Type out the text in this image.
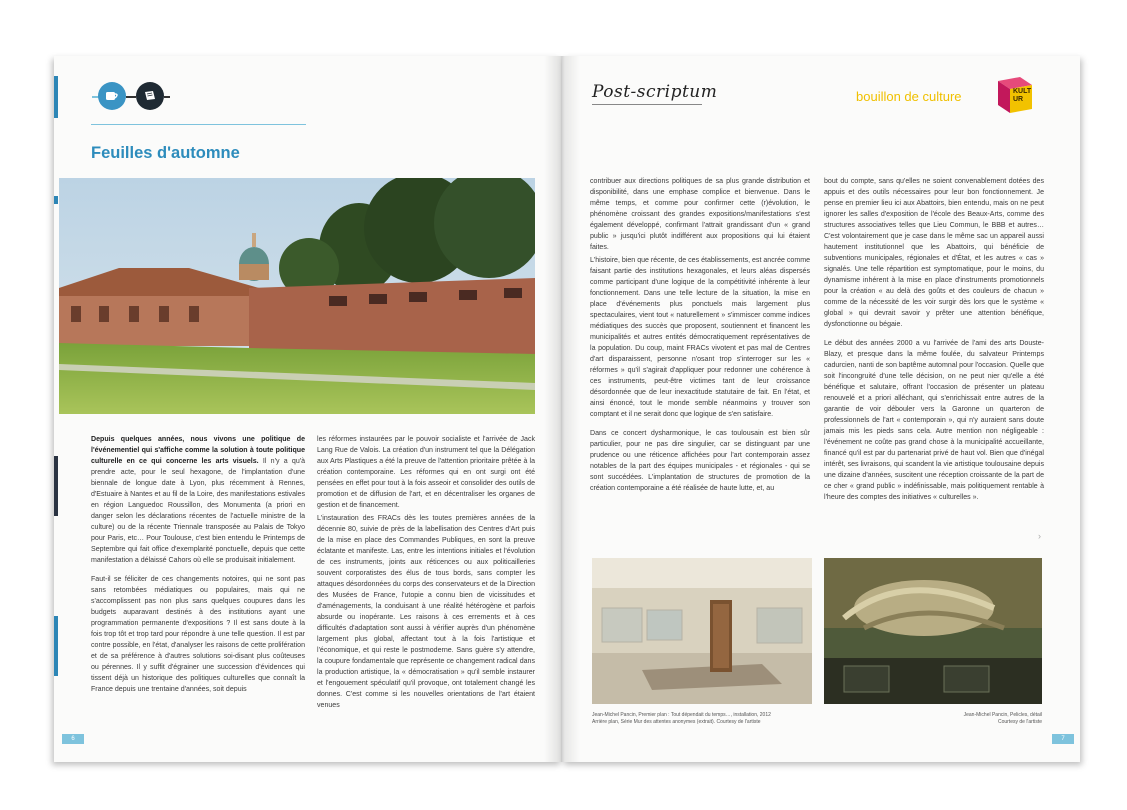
Feuilles d'automne

Depuis quelques années, nous vivons une politique de l'événementiel qui s'affiche comme la solution à toute politique culturelle en ce qui concerne les arts visuels. Il n'y a qu'à prendre acte, pour le seul hexagone, de l'implantation d'une biennale de longue date à Lyon, plus récemment à Rennes, d'Estuaire à Nantes et au fil de la Loire, des manifestations estivales en région Languedoc Roussillon, des Monumenta (a priori en danger selon les déclarations récentes de l'actuelle ministre de la culture) ou de la récente Triennale transposée au Palais de Tokyo pour Paris, etc… Pour Toulouse, c'est bien entendu le Printemps de Septembre qui fait office d'exemplarité ponctuelle, depuis que cette manifestation a délaissé Cahors où elle se produisait initialement.

Faut-il se féliciter de ces changements notoires, qui ne sont pas sans retombées médiatiques ou populaires, mais qui ne s'accomplissent pas non plus sans quelques coupures dans les budgets auparavant destinés à des institutions ayant une programmation permanente d'expositions ? Il est sans doute à la fois trop tôt et trop tard pour répondre à une telle question. Il est par contre possible, en l'état, d'analyser les raisons de cette prolifération et de sa préférence à d'autres solutions soi-disant plus coûteuses ou pérennes. Il y suffit d'égrainer une succession d'évidences qui tissent déjà un historique des politiques culturelles que connaît la France depuis une trentaine d'années, soit depuis

les réformes instaurées par le pouvoir socialiste et l'arrivée de Jack Lang Rue de Valois. La création d'un instrument tel que la Délégation aux Arts Plastiques a été la preuve de l'attention prioritaire prêtée à la création contemporaine. Les réformes qui en ont surgi ont été pensées en effet pour tout à la fois asseoir et consolider des outils de promotion et de diffusion de l'art, et en décentraliser les organes de gestion et de financement.

L'instauration des FRACs dès les toutes premières années de la décennie 80, suivie de près de la labellisation des Centres d'Art puis de la mise en place des Commandes Publiques, en sont la preuve éclatante et manifeste. Las, entre les intentions initiales et l'évolution de ces instruments, joints aux réticences ou aux politicailleries souvent corporatistes des élus de tous bords, sans compter les attaques désordonnées du corps des conservateurs et de la Direction des Musées de France, l'utopie a connu bien de vicissitudes et d'aménagements, la conduisant à une réalité hétérogène et parfois absurde ou inopérante. Les raisons à ces errements et à ces difficultés d'adaptation sont aussi à vérifier auprès d'un phénomène largement plus global, affectant tout à la fois l'artistique et l'économique, et qui reste le postmoderne. Sans guère s'y attendre, la coupure fondamentale que représente ce changement radical dans la production artistique, la « démocratisation » qu'il semble instaurer et l'engouement spéculatif qu'il provoque, ont totalement changé les donnes. C'est comme si les nouvelles orientations de l'art étaient venues

6
Post-scriptum	bouillon de culture	KULT UR

contribuer aux directions politiques de sa plus grande distribution et disponibilité, dans une emphase complice et bienvenue. Dans le même temps, et comme pour confirmer cette (r)évolution, le phénomène croissant des grandes expositions/manifestations s'est également développé, confirmant l'attrait grandissant d'un « grand public » jusqu'ici plutôt indifférent aux propositions qui lui étaient faites.

L'histoire, bien que récente, de ces établissements, est ancrée comme faisant partie des institutions hexagonales, et leurs aléas dispersés comme participant d'une logique de la compétitivité inhérente à leur fonctionnement. Dans une telle lecture de la situation, la mise en place d'événements plus ponctuels mais largement plus spectaculaires, vient tout « naturellement » s'immiscer comme indices médiatiques des succès que proposent, soutiennent et financent les municipalités et autres entités démocratiquement représentatives de la population. Du coup, maint FRACs vivotent et pas mal de Centres d'art disparaissent, personne n'osant trop s'interroger sur les « réformes » qu'il s'agirait d'appliquer pour redonner une cohérence à ces instruments, peut-être victimes tant de leur croissance désordonnée que de leur inexactitude statutaire de fait. En l'état, et ainsi énoncé, tout le monde semble néanmoins y trouver son comptant et il ne serait donc que logique de s'en satisfaire.

Dans ce concert dysharmonique, le cas toulousain est bien sûr particulier, pour ne pas dire singulier, car se distinguant par une prudence ou une réticence affichées pour l'art contemporain assez notables de la part des équipes municipales - et régionales - qui se sont succédées. L'implantation de structures de promotion de la création contemporaine a été réalisée de haute lutte, et, au

bout du compte, sans qu'elles ne soient convenablement dotées des appuis et des outils nécessaires pour leur bon fonctionnement. Je pense en premier lieu ici aux Abattoirs, bien entendu, mais on ne peut ignorer les salles d'exposition de l'école des Beaux-Arts, comme des structures associatives telles que Lieu Commun, le BBB et autres… C'est volontairement que je case dans le même sac un appareil aussi hautement institutionnel que les Abattoirs, qui bénéficie de subventions municipales, régionales et d'État, et les autres « cas » signalés. Une telle répartition est symptomatique, pour le moins, du dynamisme inhérent à la mise en place d'instruments promotionnels pour la création « au delà des goûts et des couleurs de chacun » comme de la nécessité de les voir surgir dès lors que le système « global » qui devrait savoir y prêter une attention bénéfique, dysfonctionne ou bégaie.

Le début des années 2000 a vu l'arrivée de l'ami des arts Douste-Blazy, et presque dans la même foulée, du salvateur Printemps cadurcien, nanti de son baptême automnal pour l'occasion. Quelle que soit l'incongruité d'une telle décision, on ne peut nier qu'elle a été bénéfique et salutaire, offrant l'occasion de présenter un plateau renouvelé et a priori alléchant, qui s'enrichissait entre autres de la garantie de voir débouler vers la Garonne un quarteron de professionnels de l'art « contemporain », qui n'y auraient sans doute jamais mis les pieds sans cela. Autre mention non négligeable : l'événement ne coûte pas grand chose à la municipalité accueillante, financé qu'il est par du partenariat privé de haut vol. Bien que d'inégal intérêt, ses livraisons, qui scandent la vie artistique toulousaine depuis une dizaine d'années, suscitent une réception croissante de la part de ce cher « grand public » indéfinissable, mais politiquement rentable à l'heure des comptes des initiatives « culturelles ».

›
Jean-Michel Pancin, Premier plan : Tout dépendait du temps…, installation, 2012
Arrière plan, Série Mur des attentes anonymes (extrait). Courtesy de l'artiste
Jean-Michel Pancin, Pelicles, détail
Courtesy de l'artiste
7
